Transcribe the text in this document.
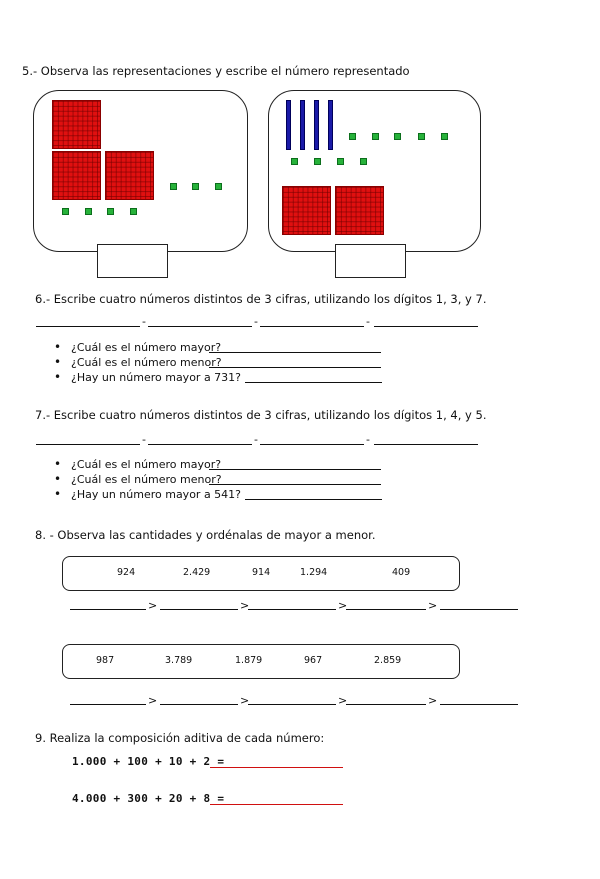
5.- Observa las representaciones y escribe el número representado
6.- Escribe cuatro números distintos de 3 cifras, utilizando los dígitos 1, 3, y 7.
-	-	-
• ¿Cuál es el número mayor?
• ¿Cuál es el número menor?
• ¿Hay un número mayor a 731?
7.- Escribe cuatro números distintos de 3 cifras, utilizando los dígitos 1, 4, y 5.
-	-	-
• ¿Cuál es el número mayor?
• ¿Cuál es el número menor?
• ¿Hay un número mayor a 541?
8. - Observa las cantidades y ordénalas de mayor a menor.
924	2.429	914	1.294	409
>	>	>	>
987	3.789	1.879	967	2.859
>	>	>	>
9. Realiza la composición aditiva de cada número:
1.000 + 100 + 10 + 2 =
4.000 + 300 + 20 + 8 =
